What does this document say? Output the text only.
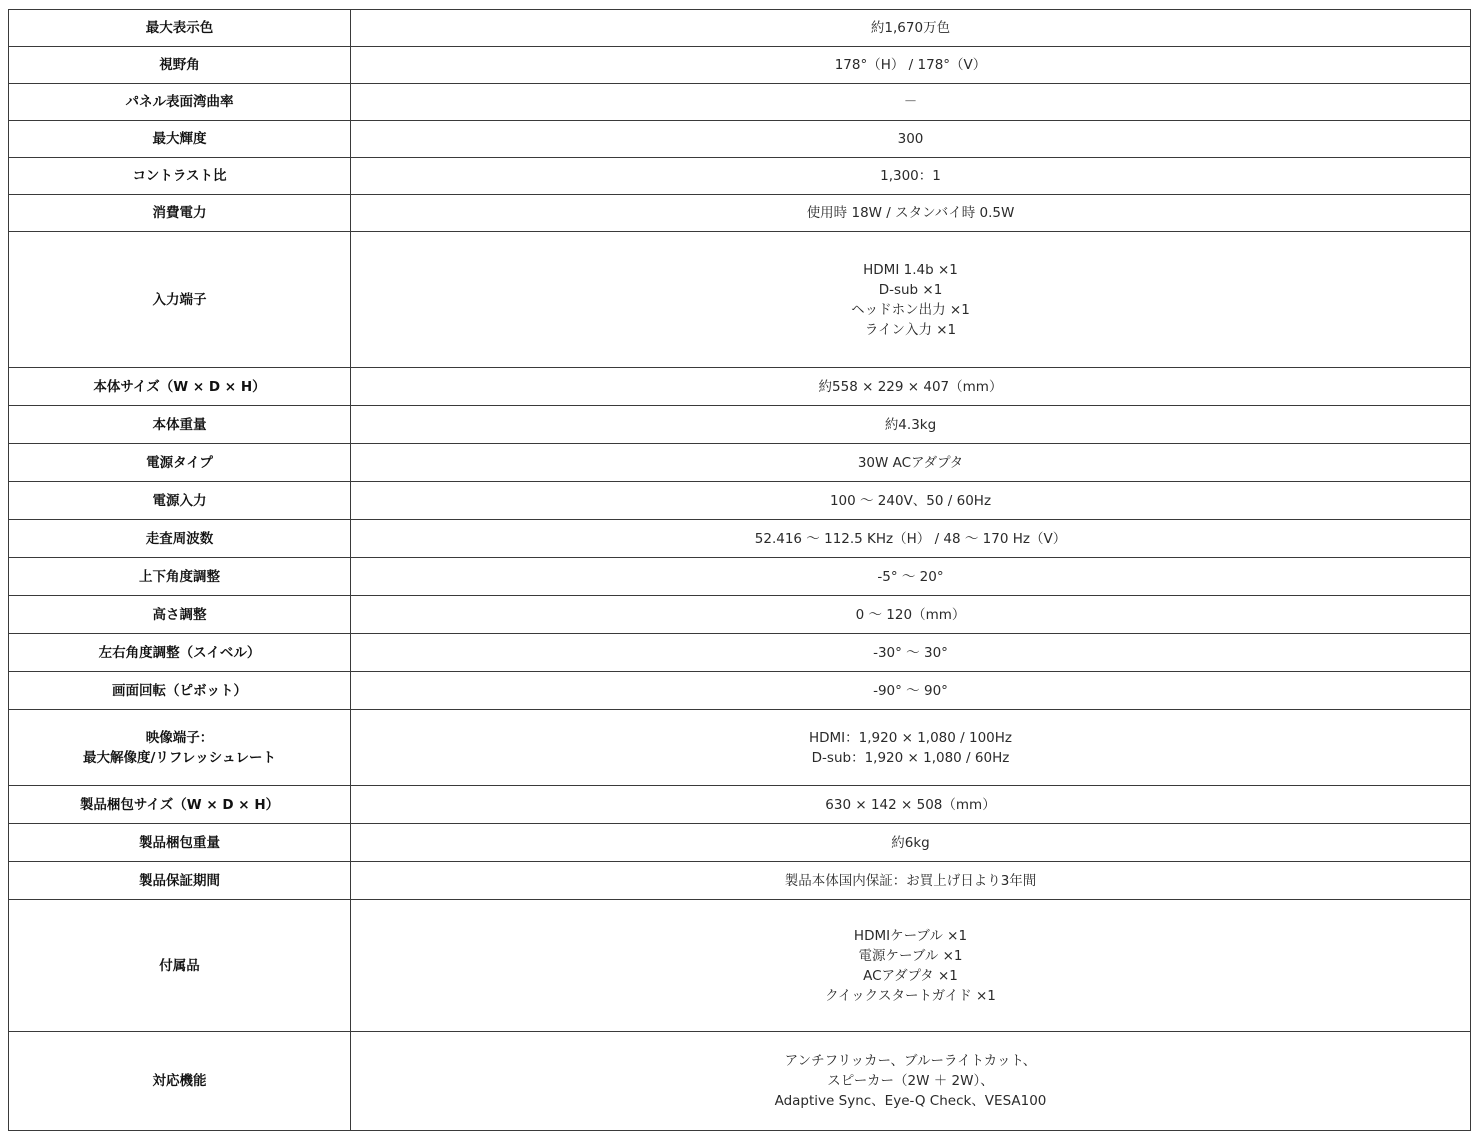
最大表示色	約1,670万色

視野角	178°（H） / 178°（V）

パネル表面湾曲率	－

最大輝度	300

コントラスト比	1,300：1

消費電力	使用時 18W / スタンバイ時 0.5W

入力端子	HDMI 1.4b ×1
D-sub ×1
ヘッドホン出力 ×1
ライン入力 ×1

本体サイズ（W × D × H）	約558 × 229 × 407（mm）

本体重量	約4.3kg

電源タイプ	30W ACアダプタ

電源入力	100 ～ 240V、50 / 60Hz

走査周波数	52.416 ～ 112.5 KHz（H） / 48 ～ 170 Hz（V）

上下角度調整	-5° ～ 20°

高さ調整	0 ～ 120（mm）

左右角度調整（スイベル）	-30° ～ 30°

画面回転（ピボット）	-90° ～ 90°

映像端子：
最大解像度/リフレッシュレート	HDMI：1,920 × 1,080 / 100Hz
D-sub：1,920 × 1,080 / 60Hz

製品梱包サイズ（W × D × H）	630 × 142 × 508（mm）

製品梱包重量	約6kg

製品保証期間	製品本体国内保証：お買上げ日より3年間

付属品	HDMIケーブル ×1
電源ケーブル ×1
ACアダプタ ×1
クイックスタートガイド ×1

対応機能	アンチフリッカー、ブルーライトカット、
スピーカー（2W ＋ 2W）、
Adaptive Sync、Eye-Q Check、VESA100
